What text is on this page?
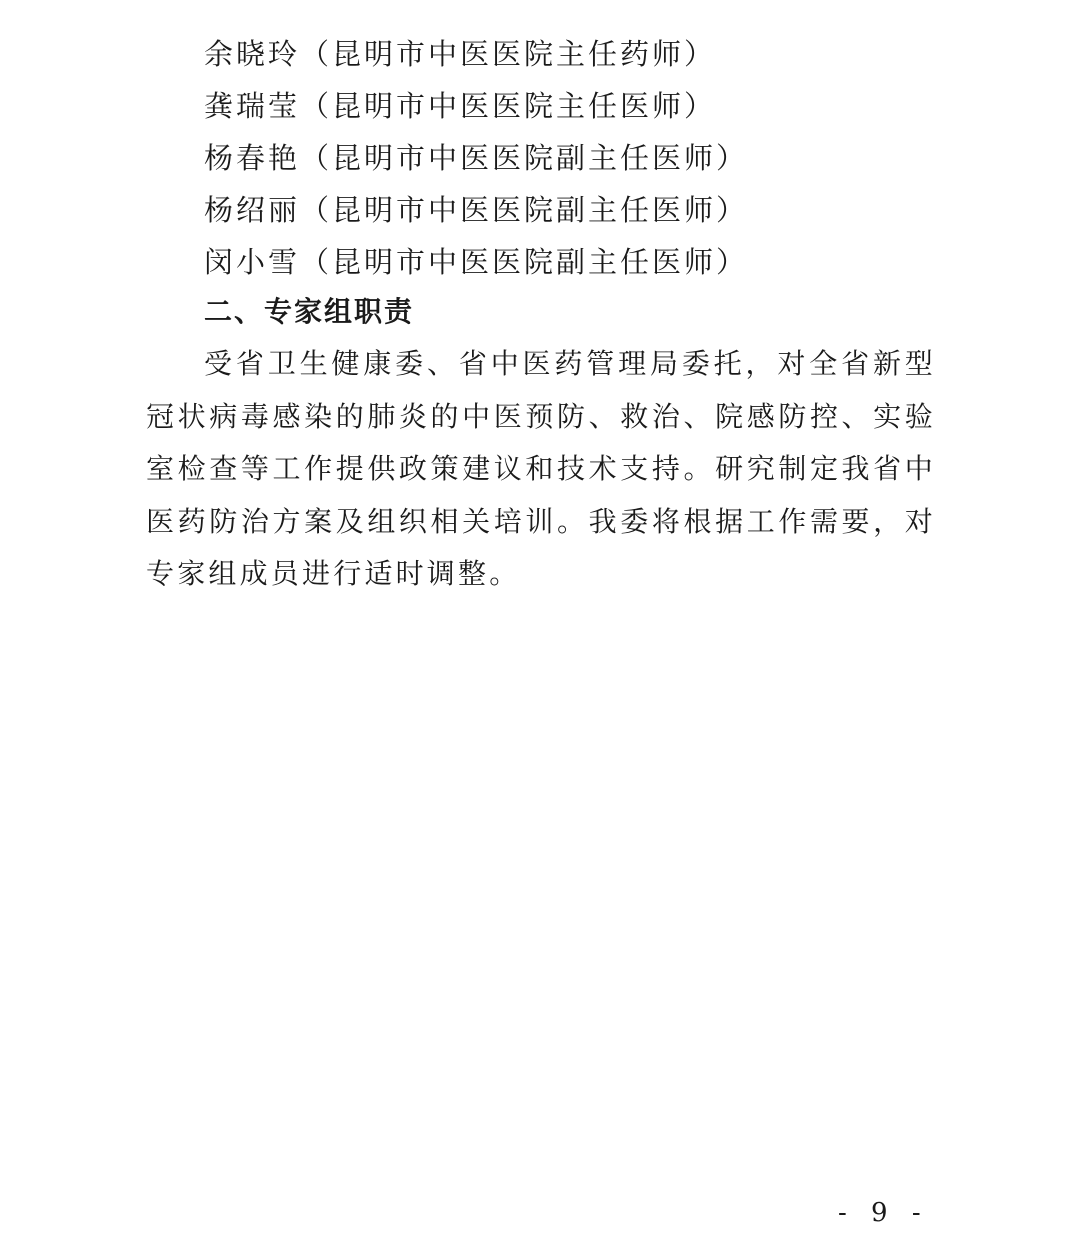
余晓玲（昆明市中医医院主任药师）
龚瑞莹（昆明市中医医院主任医师）
杨春艳（昆明市中医医院副主任医师）
杨绍丽（昆明市中医医院副主任医师）
闵小雪（昆明市中医医院副主任医师）
二、专家组职责

受省卫生健康委、省中医药管理局委托，对全省新型冠状病毒感染的肺炎的中医预防、救治、院感防控、实验室检查等工作提供政策建议和技术支持。研究制定我省中医药防治方案及组织相关培训。我委将根据工作需要，对专家组成员进行适时调整。

- 9 -
